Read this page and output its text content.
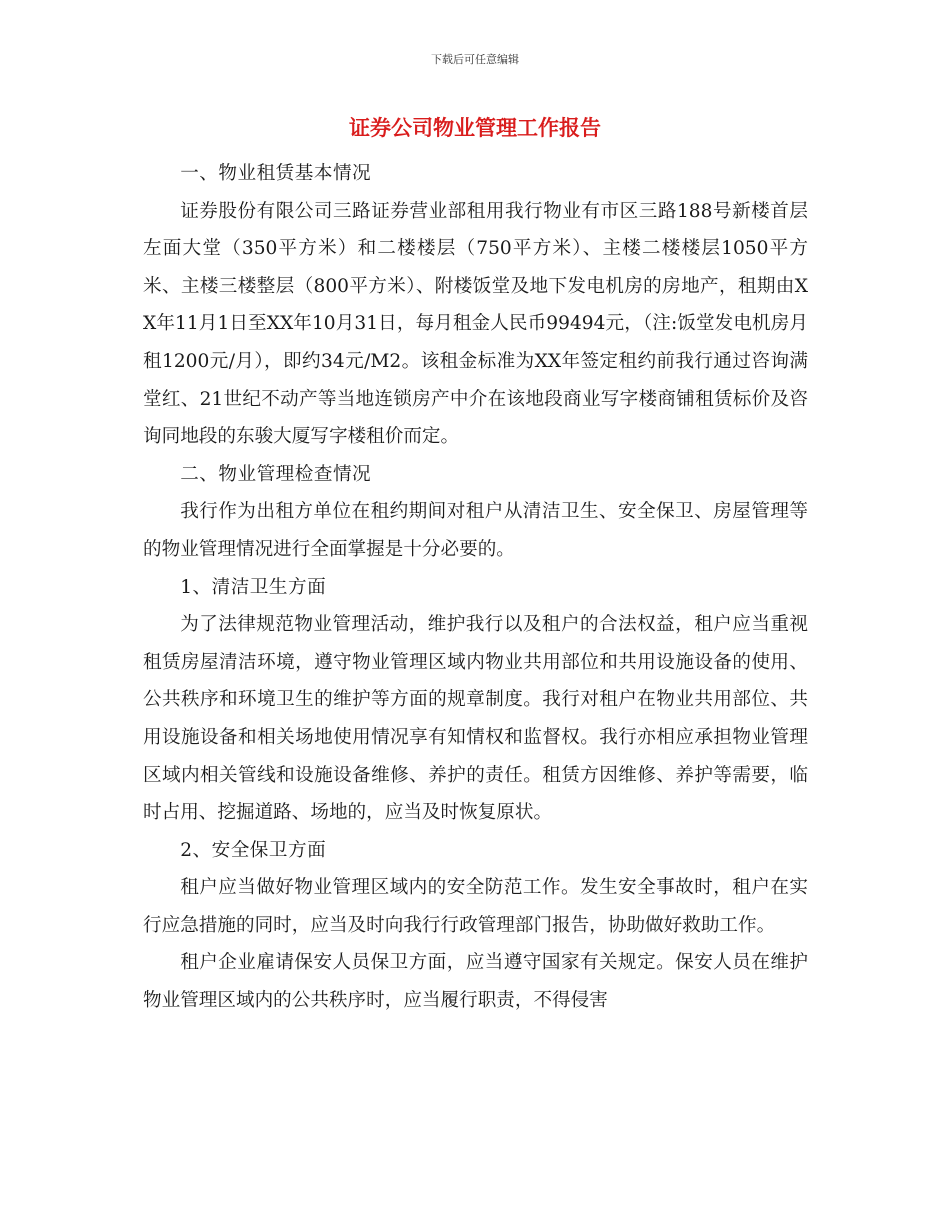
下载后可任意编辑
证券公司物业管理工作报告

一、物业租赁基本情况

证券股份有限公司三路证券营业部租用我行物业有市区三路188号新楼首层左面大堂（350平方米）和二楼楼层（750平方米）、主楼二楼楼层1050平方米、主楼三楼整层（800平方米）、附楼饭堂及地下发电机房的房地产，租期由XX年11月1日至XX年10月31日，每月租金人民币99494元，（注:饭堂发电机房月租1200元/月），即约34元/M2。该租金标准为XX年签定租约前我行通过咨询满堂红、21世纪不动产等当地连锁房产中介在该地段商业写字楼商铺租赁标价及咨询同地段的东骏大厦写字楼租价而定。

二、物业管理检查情况

我行作为出租方单位在租约期间对租户从清洁卫生、安全保卫、房屋管理等的物业管理情况进行全面掌握是十分必要的。

1、清洁卫生方面

为了法律规范物业管理活动，维护我行以及租户的合法权益，租户应当重视租赁房屋清洁环境，遵守物业管理区域内物业共用部位和共用设施设备的使用、公共秩序和环境卫生的维护等方面的规章制度。我行对租户在物业共用部位、共用设施设备和相关场地使用情况享有知情权和监督权。我行亦相应承担物业管理区域内相关管线和设施设备维修、养护的责任。租赁方因维修、养护等需要，临时占用、挖掘道路、场地的，应当及时恢复原状。

2、安全保卫方面

租户应当做好物业管理区域内的安全防范工作。发生安全事故时，租户在实行应急措施的同时，应当及时向我行行政管理部门报告，协助做好救助工作。

租户企业雇请保安人员保卫方面，应当遵守国家有关规定。保安人员在维护物业管理区域内的公共秩序时，应当履行职责，不得侵害
